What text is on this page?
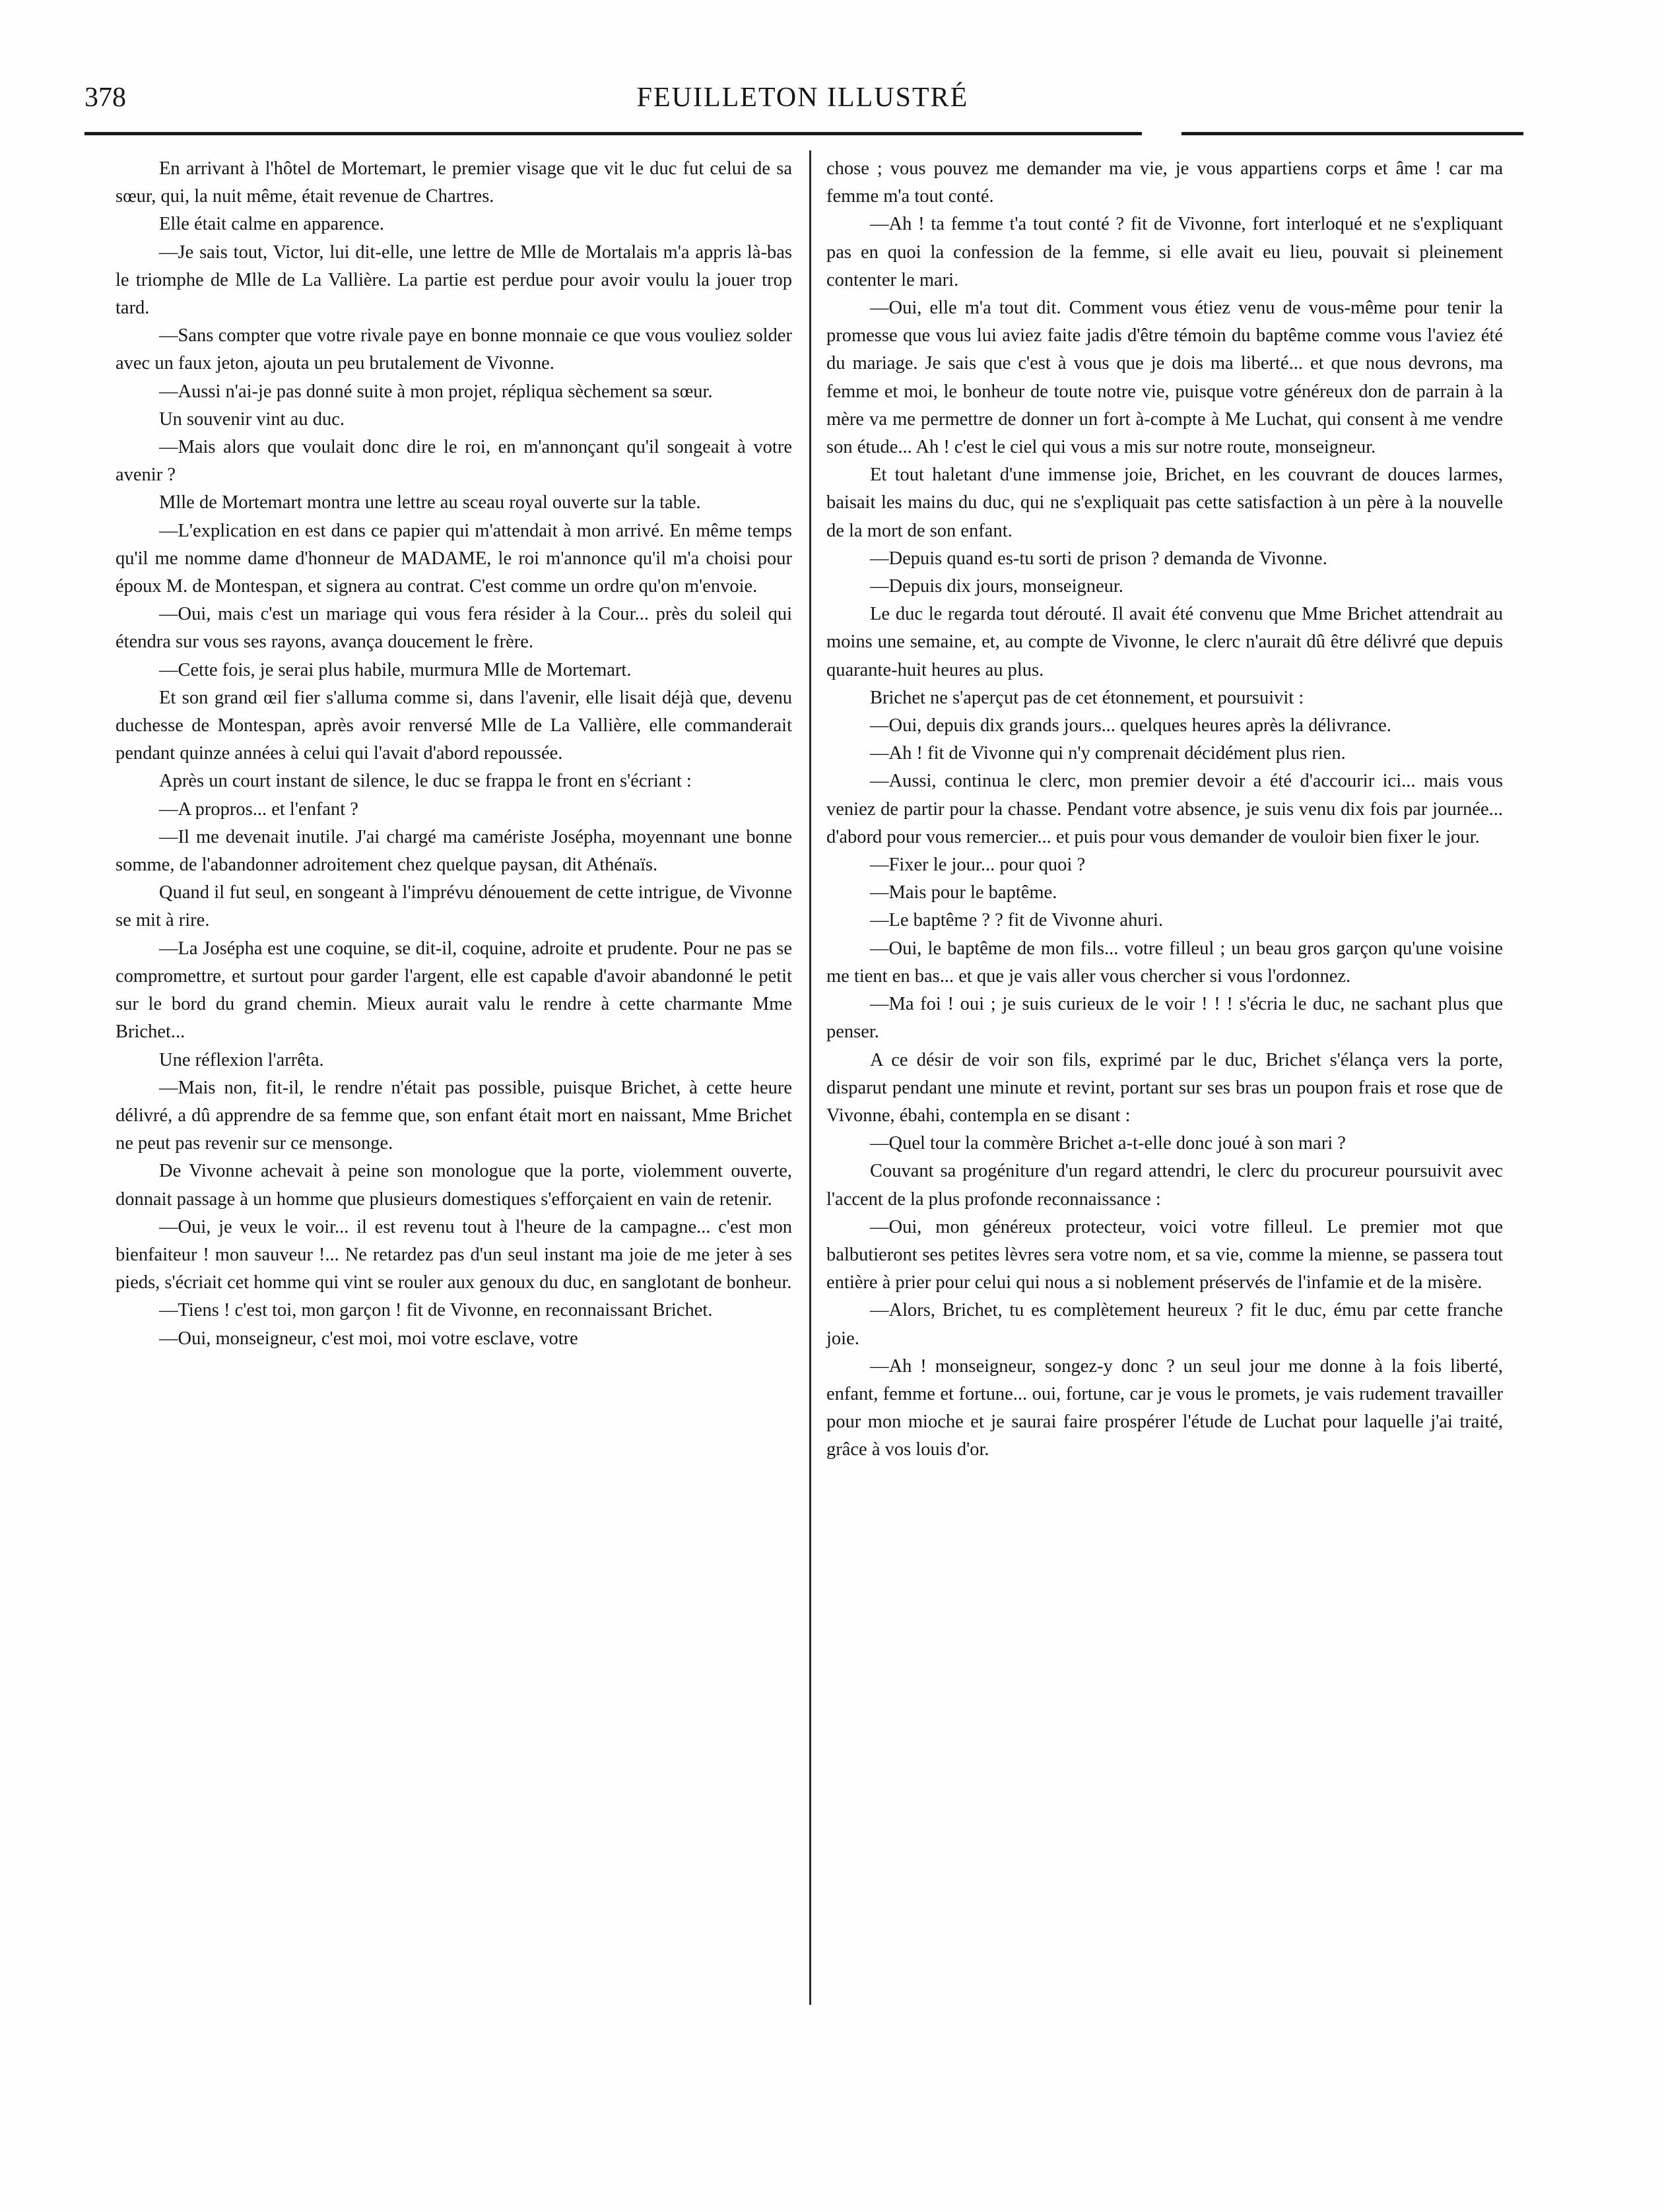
378	FEUILLETON ILLUSTRÉ

En arrivant à l'hôtel de Mortemart, le premier visage que vit le duc fut celui de sa sœur, qui, la nuit même, était revenue de Chartres.

Elle était calme en apparence.

—Je sais tout, Victor, lui dit-elle, une lettre de Mlle de Mortalais m'a appris là-bas le triomphe de Mlle de La Vallière. La partie est perdue pour avoir voulu la jouer trop tard.

—Sans compter que votre rivale paye en bonne monnaie ce que vous vouliez solder avec un faux jeton, ajouta un peu brutalement de Vivonne.

—Aussi n'ai-je pas donné suite à mon projet, répliqua sèchement sa sœur.

Un souvenir vint au duc.

—Mais alors que voulait donc dire le roi, en m'annonçant qu'il songeait à votre avenir ?

Mlle de Mortemart montra une lettre au sceau royal ouverte sur la table.

—L'explication en est dans ce papier qui m'attendait à mon arrivé. En même temps qu'il me nomme dame d'honneur de MADAME, le roi m'annonce qu'il m'a choisi pour époux M. de Montespan, et signera au contrat. C'est comme un ordre qu'on m'envoie.

—Oui, mais c'est un mariage qui vous fera résider à la Cour... près du soleil qui étendra sur vous ses rayons, avança doucement le frère.

—Cette fois, je serai plus habile, murmura Mlle de Mortemart.

Et son grand œil fier s'alluma comme si, dans l'avenir, elle lisait déjà que, devenu duchesse de Montespan, après avoir renversé Mlle de La Vallière, elle commanderait pendant quinze années à celui qui l'avait d'abord repoussée.

Après un court instant de silence, le duc se frappa le front en s'écriant :

—A propros... et l'enfant ?

—Il me devenait inutile. J'ai chargé ma caméristе Joséphа, moyennant une bonne somme, de l'abandonner adroitement chez quelque paysan, dit Athénaïs.

Quand il fut seul, en songeant à l'imprévu dénouement de cette intrigue, de Vivonne se mit à rire.

—La Josépha est une coquine, se dit-il, coquine, adroite et prudente. Pour ne pas se compromettre, et surtout pour garder l'argent, elle est capable d'avoir abandonné le petit sur le bord du grand chemin. Mieux aurait valu le rendre à cette charmante Mme Brichet...

Une réflexion l'arrêta.

—Mais non, fit-il, le rendre n'était pas possible, puisque Brichet, à cette heure délivré, a dû apprendre de sa femme que, son enfant était mort en naissant, Mme Brichet ne peut pas revenir sur ce mensonge.

De Vivonne achevait à peine son monologue que la porte, violemment ouverte, donnait passage à un homme que plusieurs domestiques s'efforçaient en vain de retenir.

—Oui, je veux le voir... il est revenu tout à l'heure de la campagne... c'est mon bienfaiteur ! mon sauveur !... Ne retardez pas d'un seul instant ma joie de me jeter à ses pieds, s'écriait cet homme qui vint se rouler aux genoux du duc, en sanglotant de bonheur.

—Tiens ! c'est toi, mon garçon ! fit de Vivonne, en reconnaissant Brichet.

—Oui, monseigneur, c'est moi, moi votre esclave, votre

chose ; vous pouvez me demander ma vie, je vous appartiens corps et âme ! car ma femme m'a tout conté.

—Ah ! ta femme t'a tout conté ? fit de Vivonne, fort interloqué et ne s'expliquant pas en quoi la confession de la femme, si elle avait eu lieu, pouvait si pleinement contenter le mari.

—Oui, elle m'a tout dit. Comment vous étiez venu de vous-même pour tenir la promesse que vous lui aviez faite jadis d'être témoin du baptême comme vous l'aviez été du mariage. Je sais que c'est à vous que je dois ma liberté... et que nous devrons, ma femme et moi, le bonheur de toute notre vie, puisque votre généreux don de parrain à la mère va me permettre de donner un fort à-compte à Me Luchat, qui consent à me vendre son étude... Ah ! c'est le ciel qui vous a mis sur notre route, monseigneur.

Et tout haletant d'une immense joie, Brichet, en les couvrant de douces larmes, baisait les mains du duc, qui ne s'expliquait pas cette satisfaction à un père à la nouvelle de la mort de son enfant.

—Depuis quand es-tu sorti de prison ? demanda de Vivonne.

—Depuis dix jours, monseigneur.

Le duc le regarda tout dérouté. Il avait été convenu que Mme Brichet attendrait au moins une semaine, et, au compte de Vivonne, le clerc n'aurait dû être délivré que depuis quarante-huit heures au plus.

Brichet ne s'aperçut pas de cet étonnement, et poursuivit :

—Oui, depuis dix grands jours... quelques heures après la délivrance.

—Ah ! fit de Vivonne qui n'y comprenait décidément plus rien.

—Aussi, continua le clerc, mon premier devoir a été d'accourir ici... mais vous veniez de partir pour la chasse. Pendant votre absence, je suis venu dix fois par journée... d'abord pour vous remercier... et puis pour vous demander de vouloir bien fixer le jour.

—Fixer le jour... pour quoi ?

—Mais pour le baptême.

—Le baptême ? ? fit de Vivonne ahuri.

—Oui, le baptême de mon fils... votre filleul ; un beau gros garçon qu'une voisine me tient en bas... et que je vais aller vous chercher si vous l'ordonnez.

—Ma foi ! oui ; je suis curieux de le voir ! ! ! s'écria le duc, ne sachant plus que penser.

A ce désir de voir son fils, exprimé par le duc, Brichet s'élança vers la porte, disparut pendant une minute et revint, portant sur ses bras un poupon frais et rose que de Vivonne, ébahi, contempla en se disant :

—Quel tour la commère Brichet a-t-elle donc joué à son mari ?

Couvant sa progéniture d'un regard attendri, le clerc du procureur poursuivit avec l'accent de la plus profonde reconnaissance :

—Oui, mon généreux protecteur, voici votre filleul. Le premier mot que balbutieront ses petites lèvres sera votre nom, et sa vie, comme la mienne, se passera tout entière à prier pour celui qui nous a si noblement préservés de l'infamie et de la misère.

—Alors, Brichet, tu es complètement heureux ? fit le duc, ému par cette franche joie.

—Ah ! monseigneur, songez-y donc ? un seul jour me donne à la fois liberté, enfant, femme et fortune... oui, fortune, car je vous le promets, je vais rudement travailler pour mon mioche et je saurai faire prospérer l'étude de Luchat pour laquelle j'ai traité, grâce à vos louis d'or.
